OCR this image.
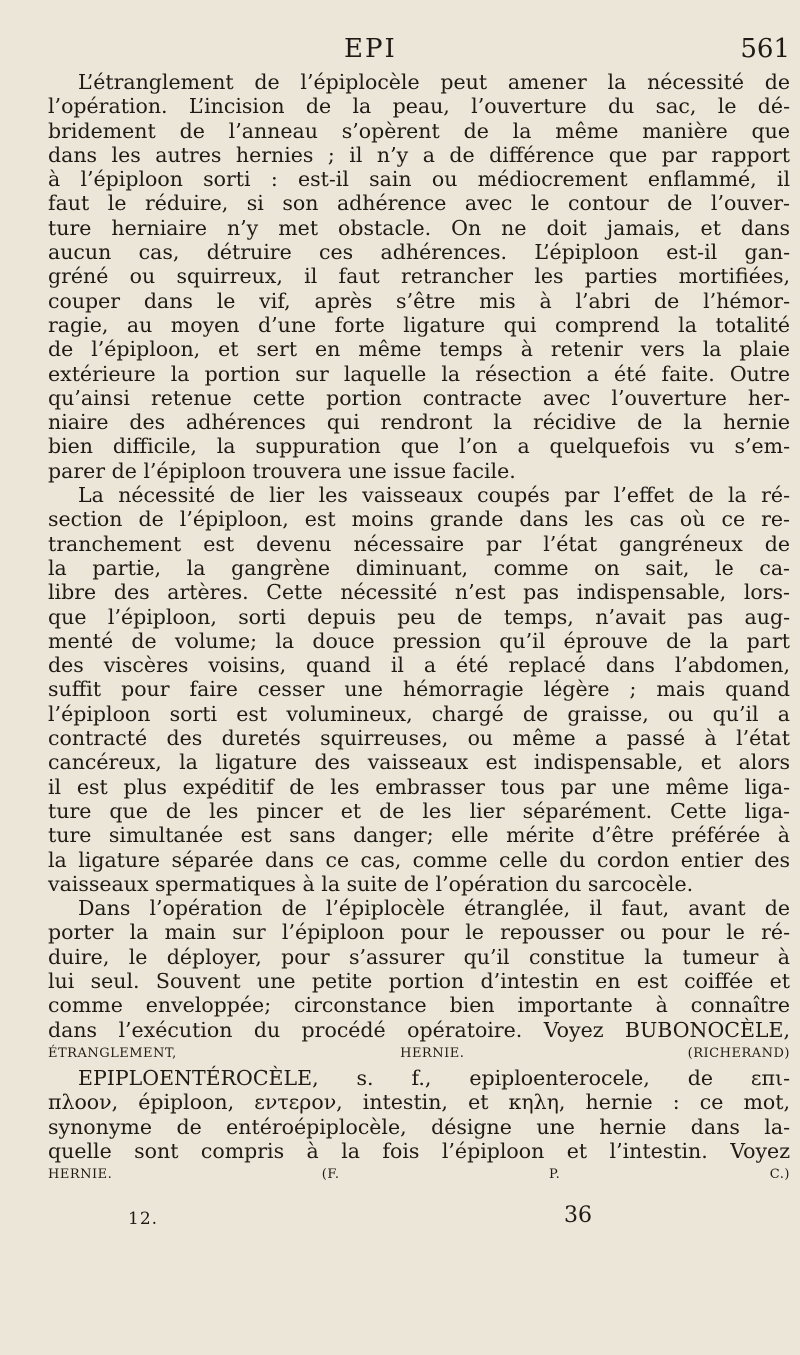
EPI	561
L’étranglement de l’épiplocèle peut amener la nécessité de
l’opération. L’incision de la peau, l’ouverture du sac, le dé-
bridement de l’anneau s’opèrent de la même manière que
dans les autres hernies ; il n’y a de différence que par rapport
à l’épiploon sorti : est-il sain ou médiocrement enflammé, il
faut le réduire, si son adhérence avec le contour de l’ouver-
ture herniaire n’y met obstacle. On ne doit jamais, et dans
aucun cas, détruire ces adhérences. L’épiploon est-il gan-
gréné ou squirreux, il faut retrancher les parties mortifiées,
couper dans le vif, après s’être mis à l’abri de l’hémor-
ragie, au moyen d’une forte ligature qui comprend la totalité
de l’épiploon, et sert en même temps à retenir vers la plaie
extérieure la portion sur laquelle la résection a été faite. Outre
qu’ainsi retenue cette portion contracte avec l’ouverture her-
niaire des adhérences qui rendront la récidive de la hernie
bien difficile, la suppuration que l’on a quelquefois vu s’em-
parer de l’épiploon trouvera une issue facile.
La nécessité de lier les vaisseaux coupés par l’effet de la ré-
section de l’épiploon, est moins grande dans les cas où ce re-
tranchement est devenu nécessaire par l’état gangréneux de
la partie, la gangrène diminuant, comme on sait, le ca-
libre des artères. Cette nécessité n’est pas indispensable, lors-
que l’épiploon, sorti depuis peu de temps, n’avait pas aug-
menté de volume; la douce pression qu’il éprouve de la part
des viscères voisins, quand il a été replacé dans l’abdomen,
suffit pour faire cesser une hémorragie légère ; mais quand
l’épiploon sorti est volumineux, chargé de graisse, ou qu’il a
contracté des duretés squirreuses, ou même a passé à l’état
cancéreux, la ligature des vaisseaux est indispensable, et alors
il est plus expéditif de les embrasser tous par une même liga-
ture que de les pincer et de les lier séparément. Cette liga-
ture simultanée est sans danger; elle mérite d’être préférée à
la ligature séparée dans ce cas, comme celle du cordon entier des
vaisseaux spermatiques à la suite de l’opération du sarcocèle.
Dans l’opération de l’épiplocèle étranglée, il faut, avant de
porter la main sur l’épiploon pour le repousser ou pour le ré-
duire, le déployer, pour s’assurer qu’il constitue la tumeur à
lui seul. Souvent une petite portion d’intestin en est coiffée et
comme enveloppée; circonstance bien importante à connaître
dans l’exécution du procédé opératoire. Voyez BUBONOCÈLE,
ÉTRANGLEMENT, HERNIE. (RICHERAND)
EPIPLOENTÉROCÈLE, s. f., epiploenterocele, de επι-
πλοον, épiploon, εντερον, intestin, et κηλη, hernie : ce mot,
synonyme de entéroépiplocèle, désigne une hernie dans la-
quelle sont compris à la fois l’épiploon et l’intestin. Voyez
HERNIE. (F. P. C.)
12.	36
